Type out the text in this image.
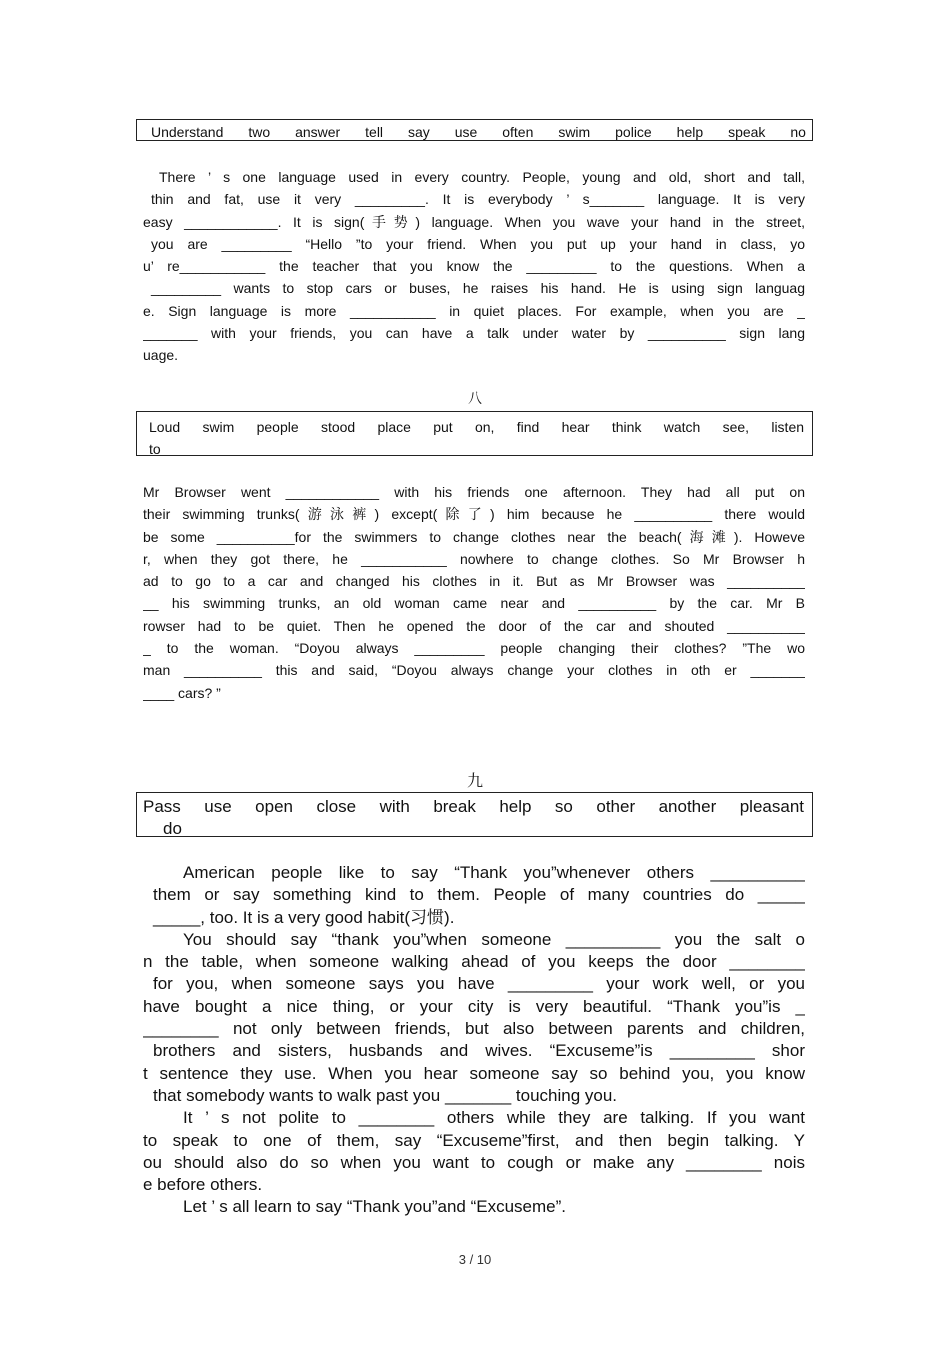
Understand two answer tell say use often swim police help speak no
There ’ s one language used in every country. People, young and old, short and tall,
thin and fat, use it very _________. It is everybody ’ s_______ language. It is very
easy ____________. It is sign(手势) language. When you wave your hand in the street,
you are _________ “Hello ”to your friend. When you put up your hand in class, yo
u’ re___________ the teacher that you know the _________ to the questions. When a
_________ wants to stop cars or buses, he raises his hand. He is using sign languag
e. Sign language is more ___________ in quiet places. For example, when you are _
_______ with your friends, you can have a talk under water by __________ sign lang
uage.
八
Loud swim people stood place put on, find hear think watch see, listen
to
Mr Browser went ____________ with his friends one afternoon. They had all put on
their swimming trunks(游泳裤) except(除了) him because he __________ there would
be some __________for the swimmers to change clothes near the beach(海滩). Howeve
r, when they got there, he ___________ nowhere to change clothes. So Mr Browser h
ad to go to a car and changed his clothes in it. But as Mr Browser was __________
__ his swimming trunks, an old woman came near and __________ by the car. Mr B
rowser had to be quiet. Then he opened the door of the car and shouted __________
_ to the woman. “Doyou always _________ people changing their clothes? ”The wo
man __________ this and said, “Doyou always change your clothes in oth er _______
____ cars? ”
九
Pass use open close with break help so other another pleasant
do
American people like to say “Thank you”whenever others __________
them or say something kind to them. People of many countries do _____
_____, too. It is a very good habit(习惯).
You should say “thank you”when someone __________ you the salt o
n the table, when someone walking ahead of you keeps the door ________
for you, when someone says you have _________ your work well, or you
have bought a nice thing, or your city is very beautiful. “Thank you”is _
________ not only between friends, but also between parents and children,
brothers and sisters, husbands and wives. “Excuseme”is _________ shor
t sentence they use. When you hear someone say so behind you, you know
that somebody wants to walk past you _______ touching you.
It ’ s not polite to ________ others while they are talking. If you want
to speak to one of them, say “Excuseme”first, and then begin talking. Y
ou should also do so when you want to cough or make any ________ nois
e before others.
Let ’ s all learn to say “Thank you”and “Excuseme”.
3 / 10
